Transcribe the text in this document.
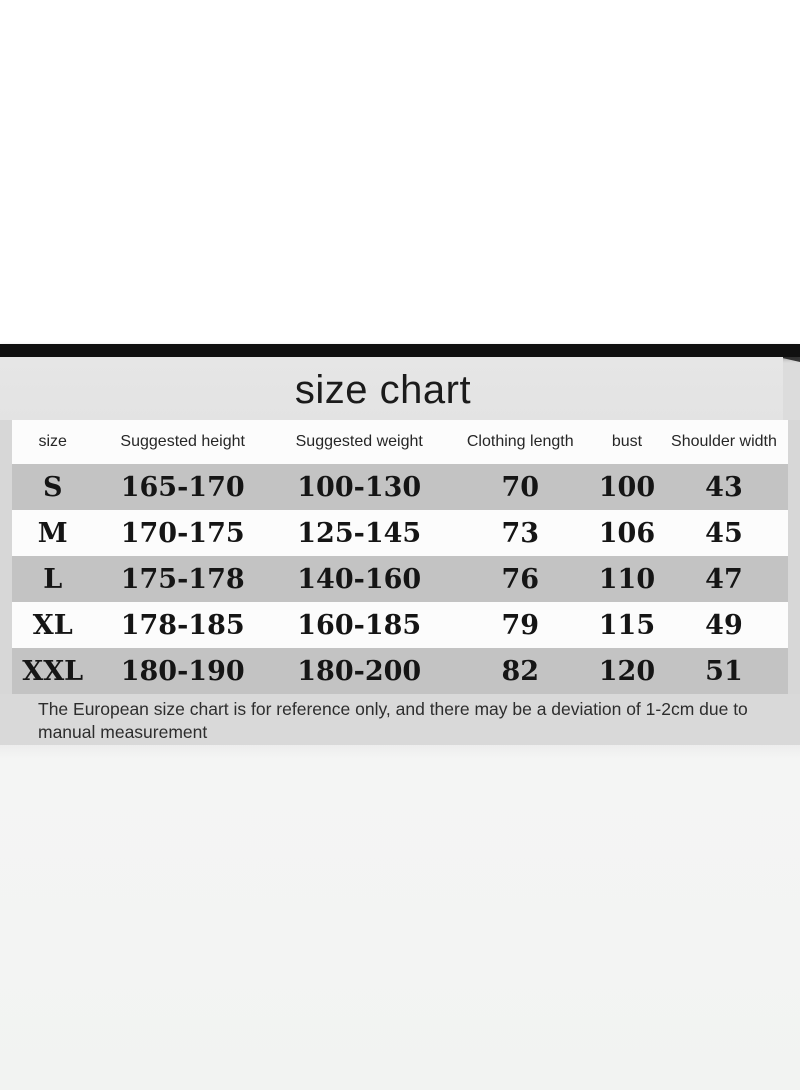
size chart
size	Suggested height	Suggested weight	Clothing length	bust	Shoulder width
S	165-170	100-130	70	100	43
M	170-175	125-145	73	106	45
L	175-178	140-160	76	110	47
XL	178-185	160-185	79	115	49
XXL	180-190	180-200	82	120	51
The European size chart is for reference only, and there may be a deviation of 1-2cm due to
manual measurement
